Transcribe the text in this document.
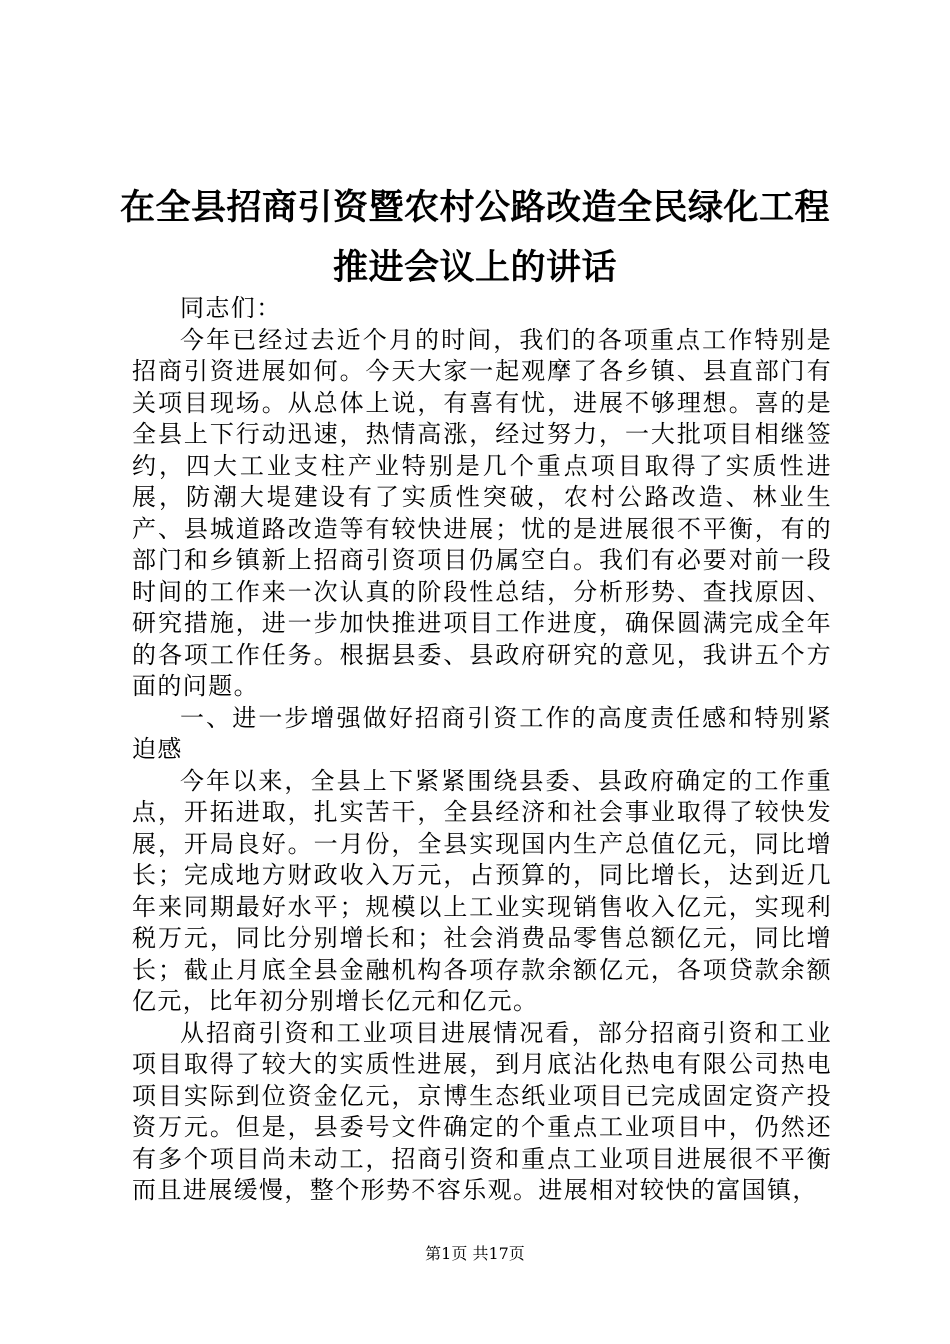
在全县招商引资暨农村公路改造全民绿化工程
推进会议上的讲话

同志们：

今年已经过去近个月的时间，我们的各项重点工作特别是招商引资进展如何。今天大家一起观摩了各乡镇、县直部门有关项目现场。从总体上说，有喜有忧，进展不够理想。喜的是全县上下行动迅速，热情高涨，经过努力，一大批项目相继签约，四大工业支柱产业特别是几个重点项目取得了实质性进展，防潮大堤建设有了实质性突破，农村公路改造、林业生产、县城道路改造等有较快进展；忧的是进展很不平衡，有的部门和乡镇新上招商引资项目仍属空白。我们有必要对前一段时间的工作来一次认真的阶段性总结，分析形势、查找原因、研究措施，进一步加快推进项目工作进度，确保圆满完成全年的各项工作任务。根据县委、县政府研究的意见，我讲五个方面的问题。

一、进一步增强做好招商引资工作的高度责任感和特别紧迫感

今年以来，全县上下紧紧围绕县委、县政府确定的工作重点，开拓进取，扎实苦干，全县经济和社会事业取得了较快发展，开局良好。一月份，全县实现国内生产总值亿元，同比增长；完成地方财政收入万元，占预算的，同比增长，达到近几年来同期最好水平；规模以上工业实现销售收入亿元，实现利税万元，同比分别增长和；社会消费品零售总额亿元，同比增长；截止月底全县金融机构各项存款余额亿元，各项贷款余额亿元，比年初分别增长亿元和亿元。

从招商引资和工业项目进展情况看，部分招商引资和工业项目取得了较大的实质性进展，到月底沾化热电有限公司热电项目实际到位资金亿元，京博生态纸业项目已完成固定资产投资万元。但是，县委号文件确定的个重点工业项目中，仍然还有多个项目尚未动工，招商引资和重点工业项目进展很不平衡而且进展缓慢，整个形势不容乐观。进展相对较快的富国镇，

第1页 共17页
